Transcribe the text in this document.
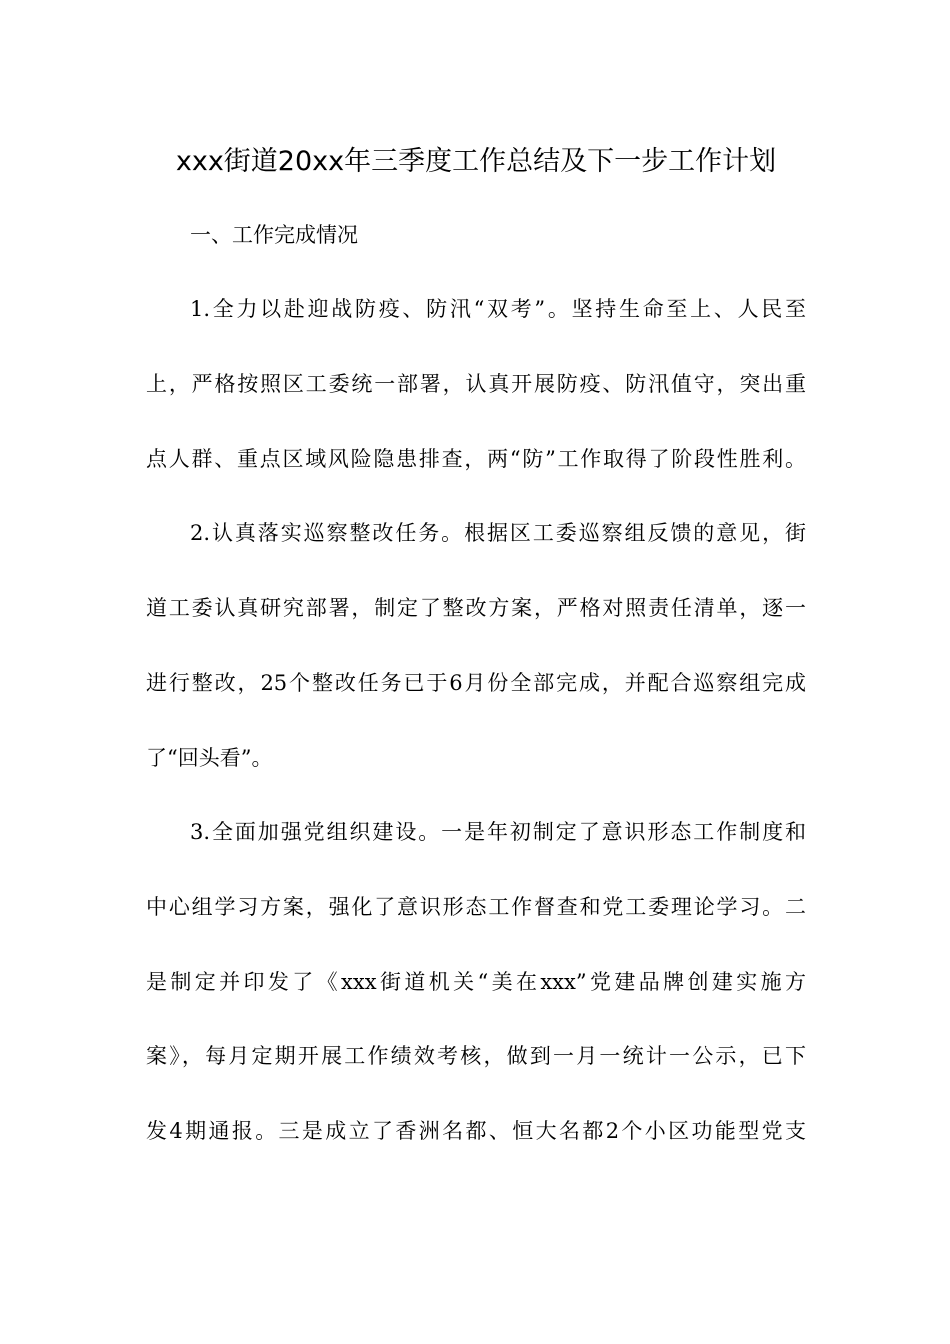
xxx街道20xx年三季度工作总结及下一步工作计划
一、工作完成情况
1.全力以赴迎战防疫、防汛“双考”。坚持生命至上、人民至
上，严格按照区工委统一部署，认真开展防疫、防汛值守，突出重
点人群、重点区域风险隐患排查，两“防”工作取得了阶段性胜利。
2.认真落实巡察整改任务。根据区工委巡察组反馈的意见，街
道工委认真研究部署，制定了整改方案，严格对照责任清单，逐一
进行整改，25个整改任务已于6月份全部完成，并配合巡察组完成
了“回头看”。
3.全面加强党组织建设。一是年初制定了意识形态工作制度和
中心组学习方案，强化了意识形态工作督查和党工委理论学习。二
是制定并印发了《xxx街道机关“美在xxx”党建品牌创建实施方
案》，每月定期开展工作绩效考核，做到一月一统计一公示，已下
发4期通报。三是成立了香洲名都、恒大名都2个小区功能型党支
